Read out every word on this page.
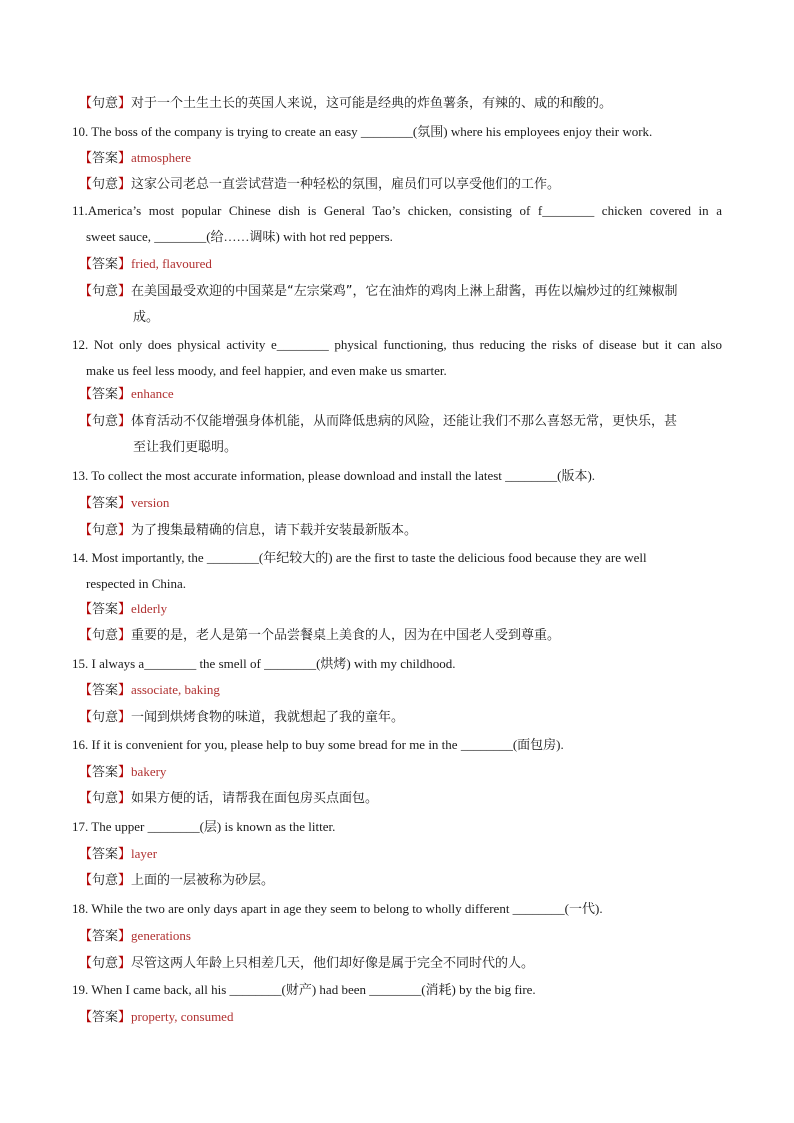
【句意】对于一个土生土长的英国人来说，这可能是经典的炸鱼薯条，有辣的、咸的和酸的。
10. The boss of the company is trying to create an easy ________(氛围) where his employees enjoy their work.
【答案】atmosphere
【句意】这家公司老总一直尝试营造一种轻松的氛围，雇员们可以享受他们的工作。
11.America’s most popular Chinese dish is General Tao’s chicken, consisting of f________ chicken covered in a
sweet sauce, ________(给……调味) with hot red peppers.
【答案】fried, flavoured
【句意】在美国最受欢迎的中国菜是“左宗棠鸡”，它在油炸的鸡肉上淋上甜酱，再佐以煸炒过的红辣椒制
成。
12. Not only does physical activity e________ physical functioning, thus reducing the risks of disease but it can also
make us feel less moody, and feel happier, and even make us smarter.
【答案】enhance
【句意】体育活动不仅能增强身体机能，从而降低患病的风险，还能让我们不那么喜怒无常，更快乐，甚
至让我们更聪明。
13. To collect the most accurate information, please download and install the latest ________(版本).
【答案】version
【句意】为了搜集最精确的信息，请下载并安装最新版本。
14. Most importantly, the ________(年纪较大的) are the first to taste the delicious food because they are well
respected in China.
【答案】elderly
【句意】重要的是，老人是第一个品尝餐桌上美食的人，因为在中国老人受到尊重。
15. I always a________ the smell of ________(烘烤) with my childhood.
【答案】associate, baking
【句意】一闻到烘烤食物的味道，我就想起了我的童年。
16. If it is convenient for you, please help to buy some bread for me in the ________(面包房).
【答案】bakery
【句意】如果方便的话，请帮我在面包房买点面包。
17. The upper ________(层) is known as the litter.
【答案】layer
【句意】上面的一层被称为砂层。
18. While the two are only days apart in age they seem to belong to wholly different ________(一代).
【答案】generations
【句意】尽管这两人年龄上只相差几天，他们却好像是属于完全不同时代的人。
19. When I came back, all his ________(财产) had been ________(消耗) by the big fire.
【答案】property, consumed
